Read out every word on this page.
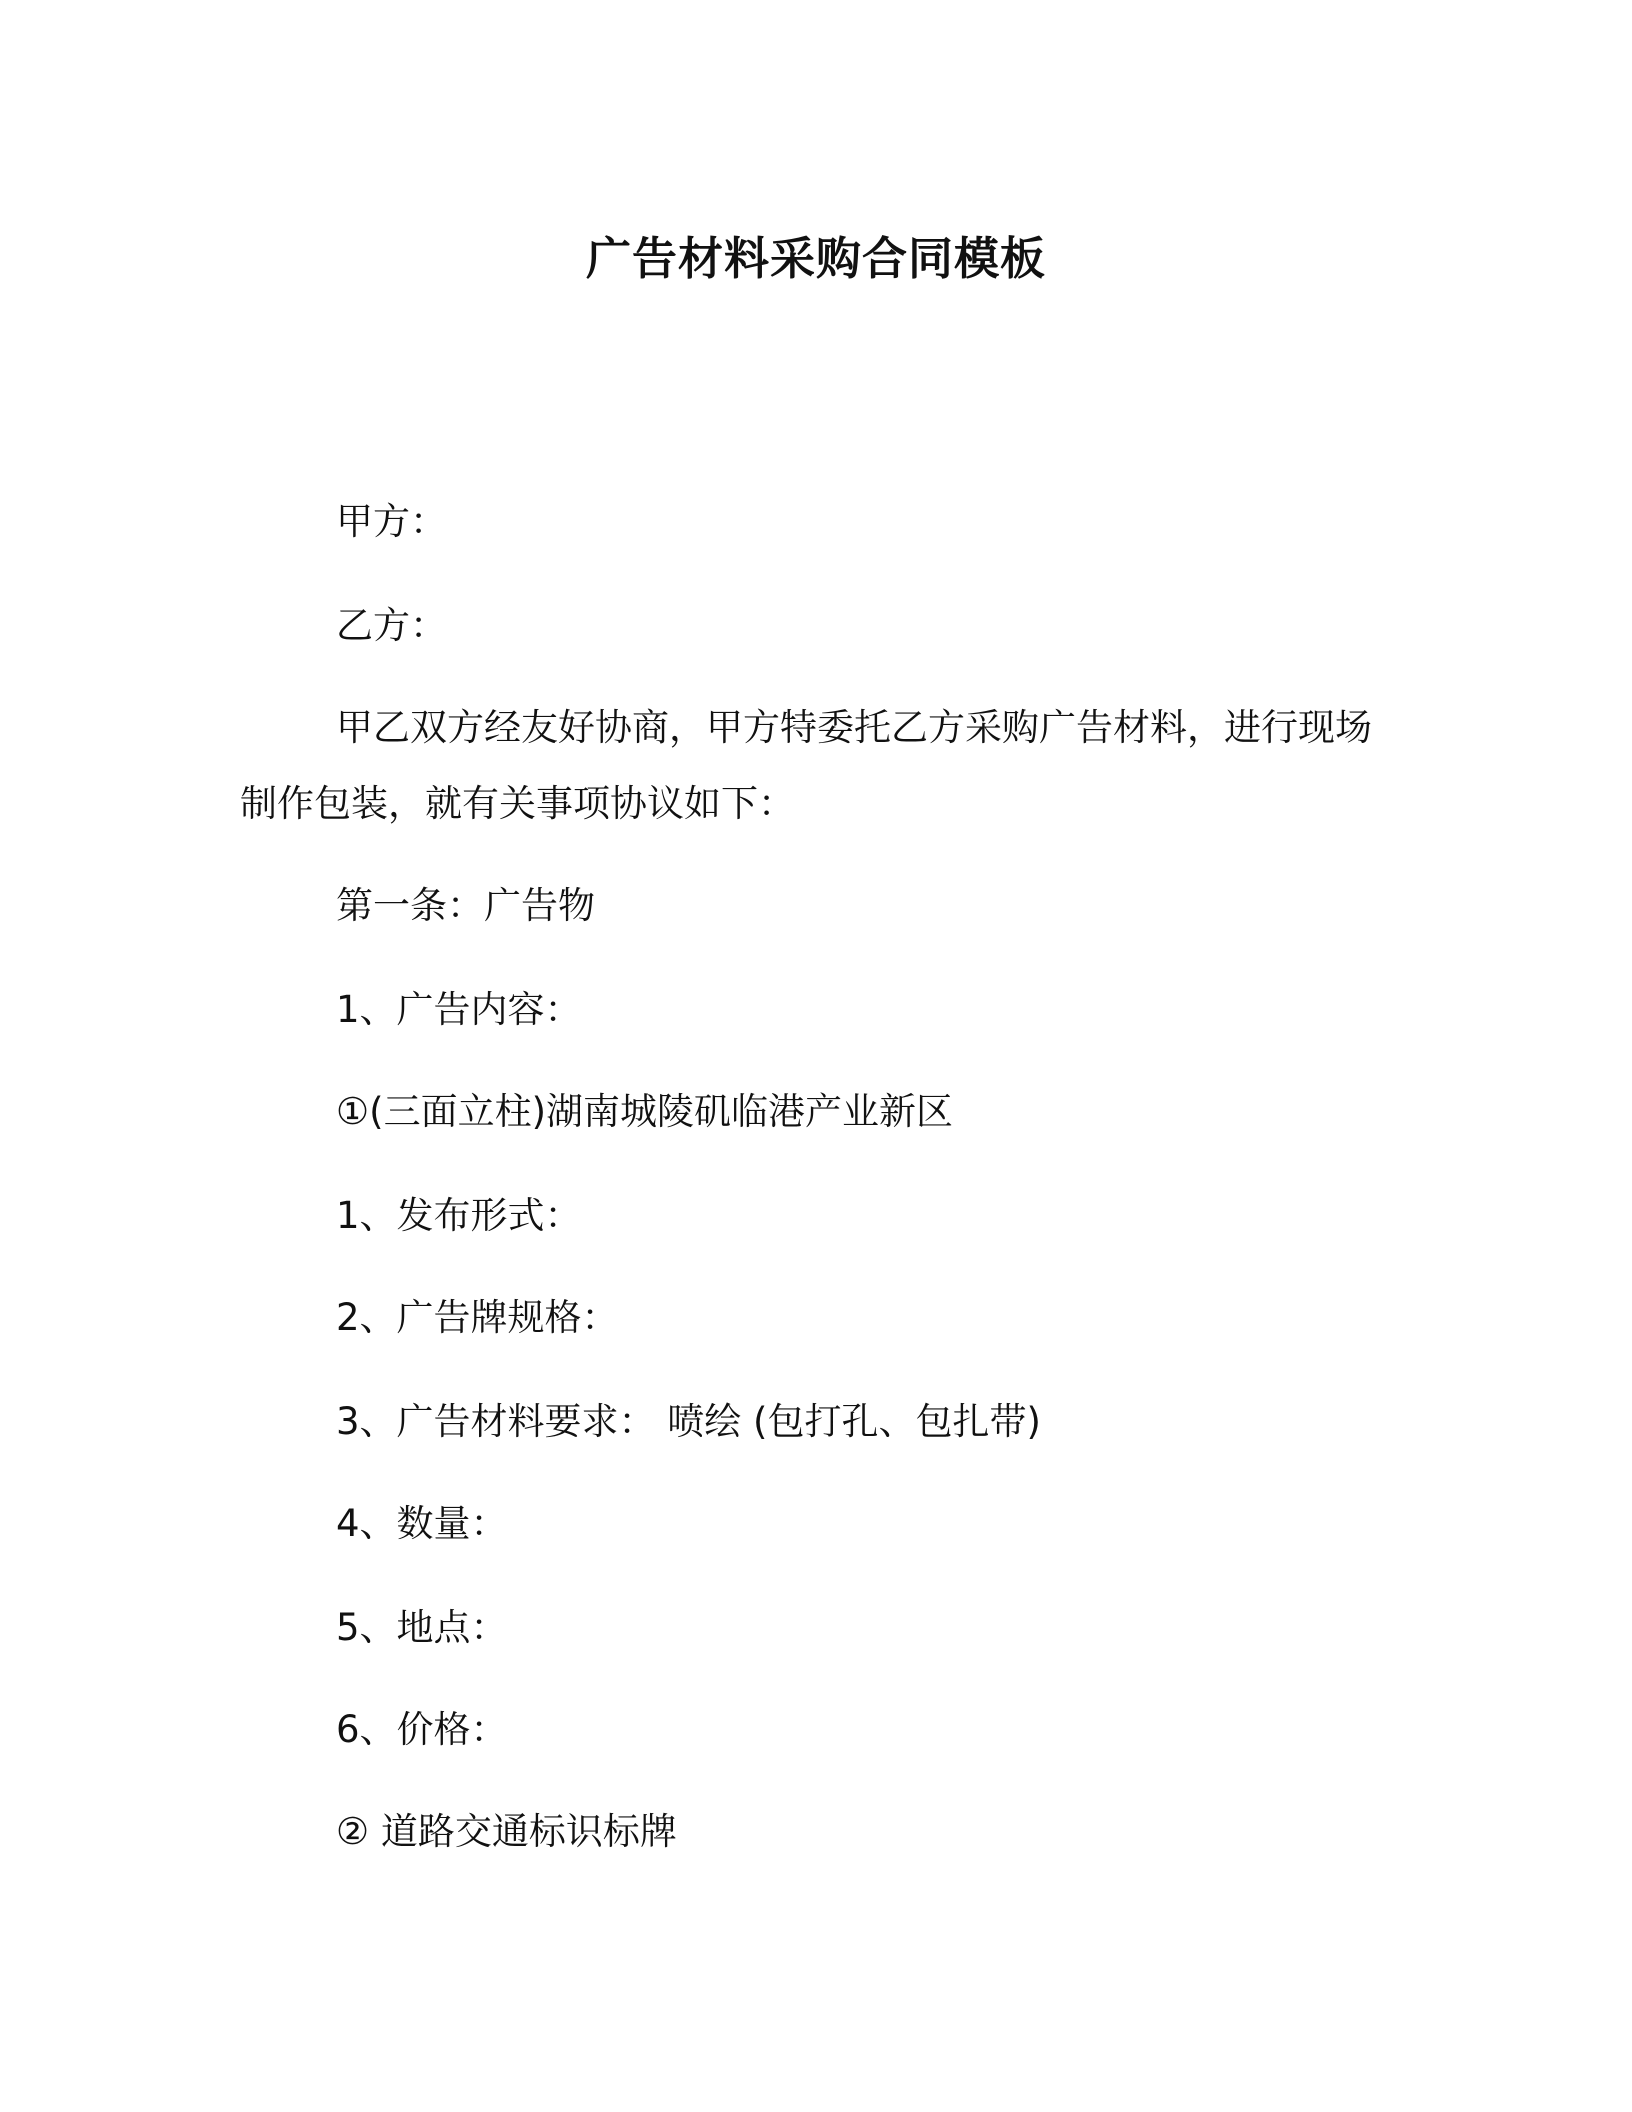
广告材料采购合同模板

甲方：

乙方：

甲乙双方经友好协商，甲方特委托乙方采购广告材料，进行现场

制作包装，就有关事项协议如下：

第一条：广告物

1、广告内容：

①(三面立柱)湖南城陵矶临港产业新区

1、发布形式：

2、广告牌规格：

3、广告材料要求： 喷绘 (包打孔、包扎带)

4、数量：

5、地点：

6、价格：

② 道路交通标识标牌
